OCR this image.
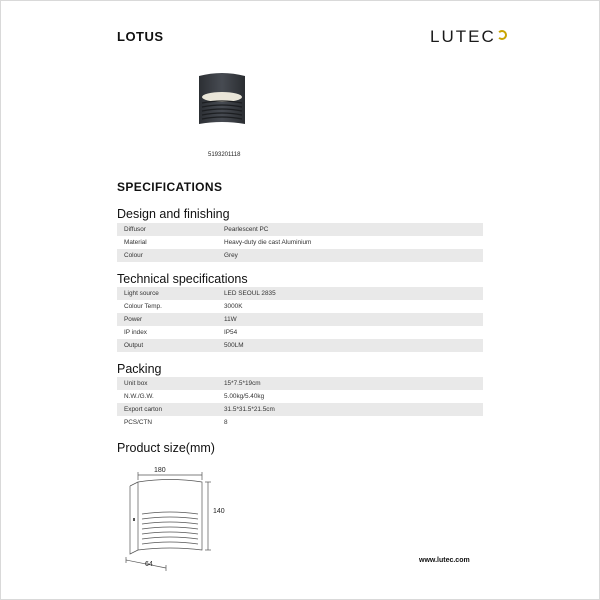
LOTUS	LUTEC
5193201118
SPECIFICATIONS
Design and finishing
Diffusor	Pearlescent PC
Material	Heavy-duty die cast Aluminium
Colour	Grey
Technical specifications
Light source	LED SEOUL 2835
Colour Temp.	3000K
Power	11W
IP index	IP54
Output	500LM
Packing
Unit box	15*7.5*19cm
N.W./G.W.	5.00kg/5.40kg
Export carton	31.5*31.5*21.5cm
PCS/CTN	8
Product size(mm)
180
140
64
www.lutec.com
